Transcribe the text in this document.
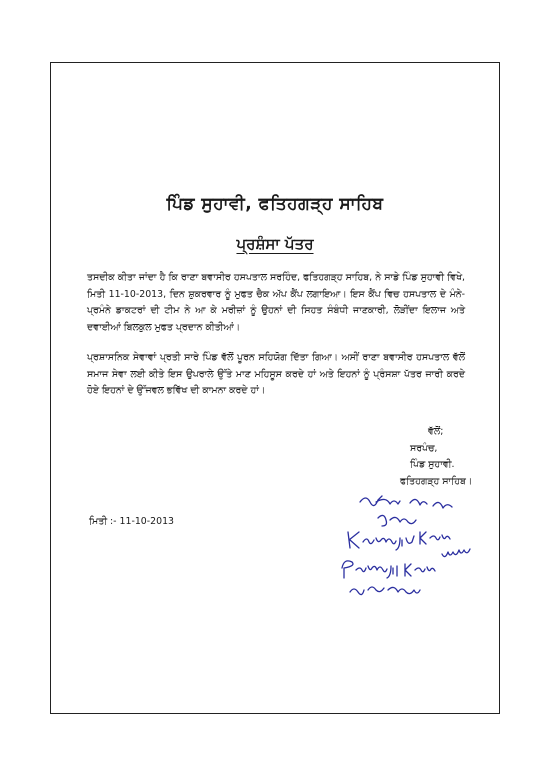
ਪਿੰਡ ਸੁਹਾਵੀ, ਫਤਿਹਗੜ੍ਹ ਸਾਹਿਬ
ਪ੍ਰਸ਼ੰਸਾ ਪੱਤਰ
ਤਸਦੀਕ ਕੀਤਾ ਜਾਂਦਾ ਹੈ ਕਿ ਰਾਣਾ ਬਵਾਸੀਰ ਹਸਪਤਾਲ ਸਰਹਿੰਦ, ਫਤਿਹਗੜ੍ਹ ਸਾਹਿਬ, ਨੇ ਸਾਡੇ ਪਿੰਡ ਸੁਹਾਵੀ ਵਿਖੇ, ਮਿਤੀ 11-10-2013, ਦਿਨ ਸ਼ੁਕਰਵਾਰ ਨੂੰ ਮੁਫਤ ਚੈਕ ਅੱਪ ਕੈਂਪ ਲਗਾਇਆ। ਇਸ ਕੈਂਪ ਵਿਚ ਹਸਪਤਾਲ ਦੇ ਮੰਨੇ-ਪ੍ਰਮੰਨੇ ਡਾਕਟਰਾਂ ਦੀ ਟੀਮ ਨੇ ਆ ਕੇ ਮਰੀਜ਼ਾਂ ਨੂੰ ਉਹਨਾਂ ਦੀ ਸਿਹਤ ਸੰਬੰਧੀ ਜਾਣਕਾਰੀ, ਲੋੜੀਂਦਾ ਇਲਾਜ ਅਤੇ ਦਵਾਈਆਂ ਬਿਲਕੁਲ ਮੁਫਤ ਪ੍ਰਦਾਨ ਕੀਤੀਆਂ।
ਪ੍ਰਸ਼ਾਸਨਿਕ ਸੇਵਾਵਾਂ ਪ੍ਰਤੀ ਸਾਰੇ ਪਿੰਡ ਵੱਲੋਂ ਪੂਰਨ ਸਹਿਯੋਗ ਦਿੱਤਾ ਗਿਆ। ਅਸੀਂ ਰਾਣਾ ਬਵਾਸੀਰ ਹਸਪਤਾਲ ਵੱਲੋਂ ਸਮਾਜ ਸੇਵਾ ਲਈ ਕੀਤੇ ਇਸ ਉਪਰਾਲੇ ਉੱਤੇ ਮਾਣ ਮਹਿਸੂਸ ਕਰਦੇ ਹਾਂ ਅਤੇ ਇਹਨਾਂ ਨੂੰ ਪ੍ਰੰਸਸ਼ਾ ਪੱਤਰ ਜਾਰੀ ਕਰਦੇ ਹੋਏ ਇਹਨਾਂ ਦੇ ਉੱਜਵਲ ਭਵਿੱਖ ਦੀ ਕਾਮਨਾ ਕਰਦੇ ਹਾਂ।
ਵੱਲੋਂ;
ਸਰਪੰਚ,
ਪਿੰਡ ਸੁਹਾਵੀ.
ਫਤਿਹਗੜ੍ਹ ਸਾਹਿਬ।
ਮਿਤੀ :- 11-10-2013
